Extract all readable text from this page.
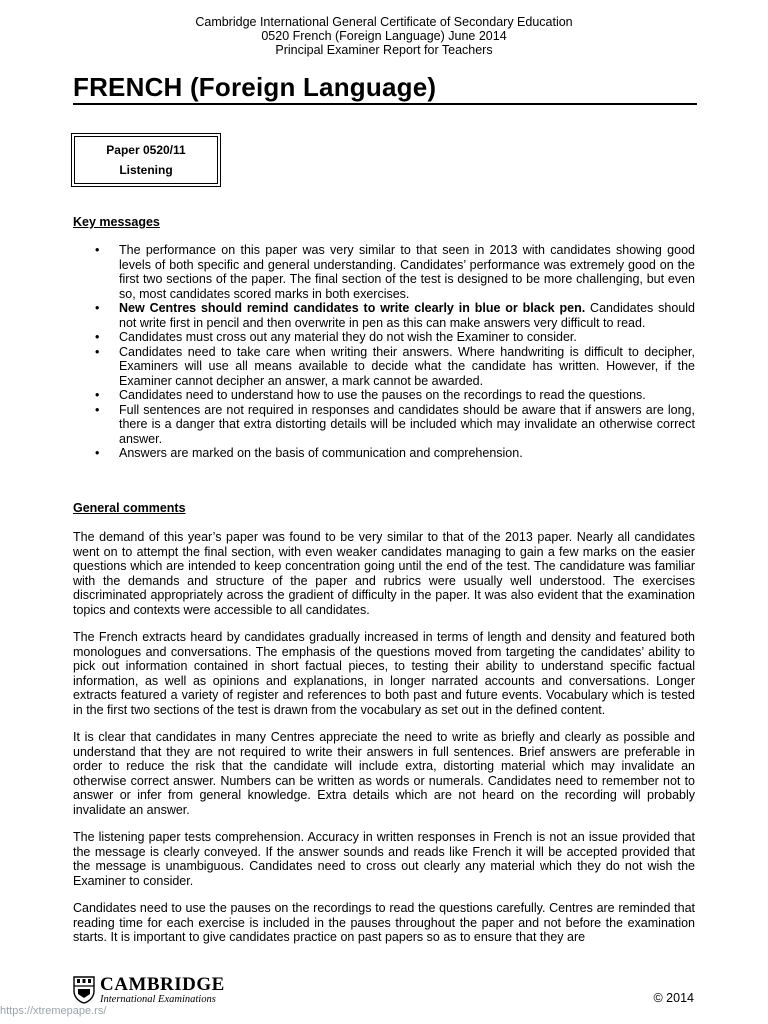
Cambridge International General Certificate of Secondary Education
0520 French (Foreign Language) June 2014
Principal Examiner Report for Teachers
FRENCH (Foreign Language)
Paper 0520/11
Listening
Key messages
• The performance on this paper was very similar to that seen in 2013 with candidates showing good levels of both specific and general understanding. Candidates’ performance was extremely good on the first two sections of the paper. The final section of the test is designed to be more challenging, but even so, most candidates scored marks in both exercises.
• New Centres should remind candidates to write clearly in blue or black pen. Candidates should not write first in pencil and then overwrite in pen as this can make answers very difficult to read.
• Candidates must cross out any material they do not wish the Examiner to consider.
• Candidates need to take care when writing their answers. Where handwriting is difficult to decipher, Examiners will use all means available to decide what the candidate has written. However, if the Examiner cannot decipher an answer, a mark cannot be awarded.
• Candidates need to understand how to use the pauses on the recordings to read the questions.
• Full sentences are not required in responses and candidates should be aware that if answers are long, there is a danger that extra distorting details will be included which may invalidate an otherwise correct answer.
• Answers are marked on the basis of communication and comprehension.
General comments

The demand of this year’s paper was found to be very similar to that of the 2013 paper. Nearly all candidates went on to attempt the final section, with even weaker candidates managing to gain a few marks on the easier questions which are intended to keep concentration going until the end of the test. The candidature was familiar with the demands and structure of the paper and rubrics were usually well understood. The exercises discriminated appropriately across the gradient of difficulty in the paper. It was also evident that the examination topics and contexts were accessible to all candidates.

The French extracts heard by candidates gradually increased in terms of length and density and featured both monologues and conversations. The emphasis of the questions moved from targeting the candidates’ ability to pick out information contained in short factual pieces, to testing their ability to understand specific factual information, as well as opinions and explanations, in longer narrated accounts and conversations. Longer extracts featured a variety of register and references to both past and future events. Vocabulary which is tested in the first two sections of the test is drawn from the vocabulary as set out in the defined content.

It is clear that candidates in many Centres appreciate the need to write as briefly and clearly as possible and understand that they are not required to write their answers in full sentences. Brief answers are preferable in order to reduce the risk that the candidate will include extra, distorting material which may invalidate an otherwise correct answer. Numbers can be written as words or numerals. Candidates need to remember not to answer or infer from general knowledge. Extra details which are not heard on the recording will probably invalidate an answer.

The listening paper tests comprehension. Accuracy in written responses in French is not an issue provided that the message is clearly conveyed. If the answer sounds and reads like French it will be accepted provided that the message is unambiguous. Candidates need to cross out clearly any material which they do not wish the Examiner to consider.

Candidates need to use the pauses on the recordings to read the questions carefully. Centres are reminded that reading time for each exercise is included in the pauses throughout the paper and not before the examination starts. It is important to give candidates practice on past papers so as to ensure that they are

CAMBRIDGE
International Examinations	© 2014
https://xtremepape.rs/
